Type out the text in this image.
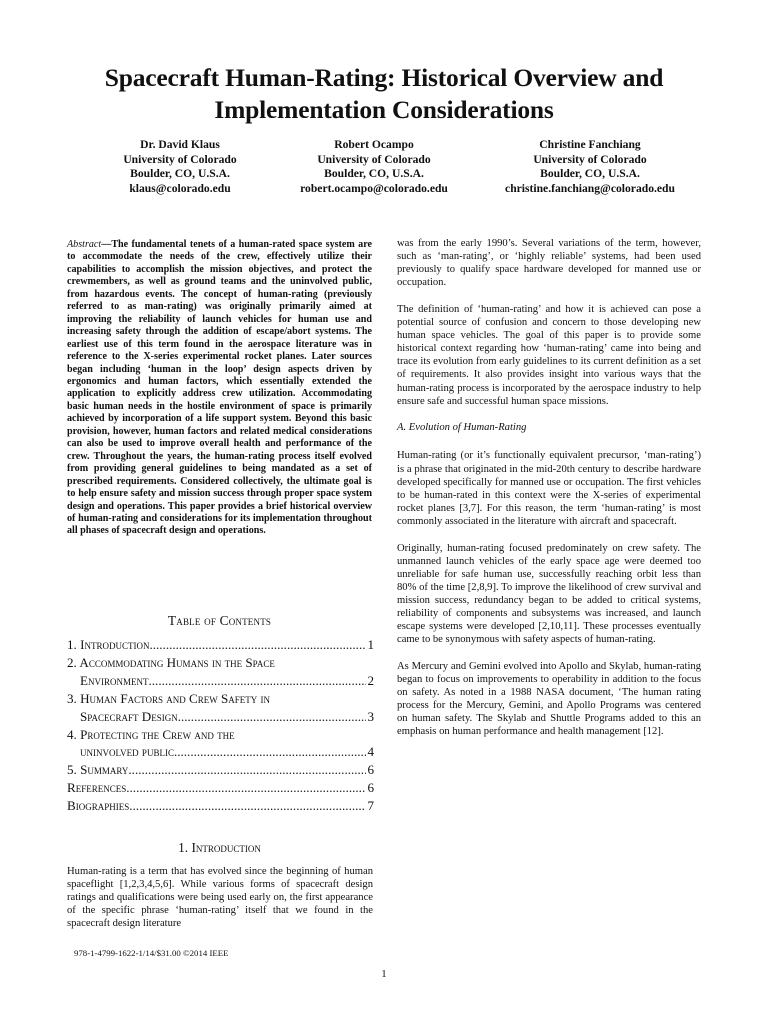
Spacecraft Human-Rating: Historical Overview and Implementation Considerations
Dr. David Klaus
University of Colorado
Boulder, CO, U.S.A.
klaus@colorado.edu
Robert Ocampo
University of Colorado
Boulder, CO, U.S.A.
robert.ocampo@colorado.edu
Christine Fanchiang
University of Colorado
Boulder, CO, U.S.A.
christine.fanchiang@colorado.edu

Abstract—The fundamental tenets of a human-rated space system are to accommodate the needs of the crew, effectively utilize their capabilities to accomplish the mission objectives, and protect the crewmembers, as well as ground teams and the uninvolved public, from hazardous events. The concept of human-rating (previously referred to as man-rating) was originally primarily aimed at improving the reliability of launch vehicles for human use and increasing safety through the addition of escape/abort systems. The earliest use of this term found in the aerospace literature was in reference to the X-series experimental rocket planes. Later sources began including ‘human in the loop’ design aspects driven by ergonomics and human factors, which essentially extended the application to explicitly address crew utilization. Accommodating basic human needs in the hostile environment of space is primarily achieved by incorporation of a life support system. Beyond this basic provision, however, human factors and related medical considerations can also be used to improve overall health and performance of the crew. Throughout the years, the human-rating process itself evolved from providing general guidelines to being mandated as a set of prescribed requirements. Considered collectively, the ultimate goal is to help ensure safety and mission success through proper space system design and operations. This paper provides a brief historical overview of human-rating and considerations for its implementation throughout all phases of spacecraft design and operations.

Table of Contents
1. Introduction .....	1
2. Accommodating Humans in the Space
Environment .....	2
3. Human Factors and Crew Safety in
Spacecraft Design .....	3
4. Protecting the Crew and the
uninvolved public .....	4
5. Summary .....	6
References .....	6
Biographies .....	7
1. Introduction

Human-rating is a term that has evolved since the beginning of human spaceflight [1,2,3,4,5,6]. While various forms of spacecraft design ratings and qualifications were being used early on, the first appearance of the specific phrase ‘human-rating’ itself that we found in the spacecraft design literature

was from the early 1990’s. Several variations of the term, however, such as ‘man-rating’, or ‘highly reliable’ systems, had been used previously to qualify space hardware developed for manned use or occupation.

The definition of ‘human-rating’ and how it is achieved can pose a potential source of confusion and concern to those developing new human space vehicles. The goal of this paper is to provide some historical context regarding how ‘human-rating’ came into being and trace its evolution from early guidelines to its current definition as a set of requirements. It also provides insight into various ways that the human-rating process is incorporated by the aerospace industry to help ensure safe and successful human space missions.

A. Evolution of Human-Rating

Human-rating (or it’s functionally equivalent precursor, ‘man-rating’) is a phrase that originated in the mid-20th century to describe hardware developed specifically for manned use or occupation. The first vehicles to be human-rated in this context were the X-series of experimental rocket planes [3,7]. For this reason, the term ‘human-rating’ is most commonly associated in the literature with aircraft and spacecraft.

Originally, human-rating focused predominately on crew safety. The unmanned launch vehicles of the early space age were deemed too unreliable for safe human use, successfully reaching orbit less than 80% of the time [2,8,9]. To improve the likelihood of crew survival and mission success, redundancy began to be added to critical systems, reliability of components and subsystems was increased, and launch escape systems were developed [2,10,11]. These processes eventually came to be synonymous with safety aspects of human-rating.

As Mercury and Gemini evolved into Apollo and Skylab, human-rating began to focus on improvements to operability in addition to the focus on safety. As noted in a 1988 NASA document, ‘The human rating process for the Mercury, Gemini, and Apollo Programs was centered on human safety. The Skylab and Shuttle Programs added to this an emphasis on human performance and health management [12].

978-1-4799-1622-1/14/$31.00 ©2014 IEEE
1
